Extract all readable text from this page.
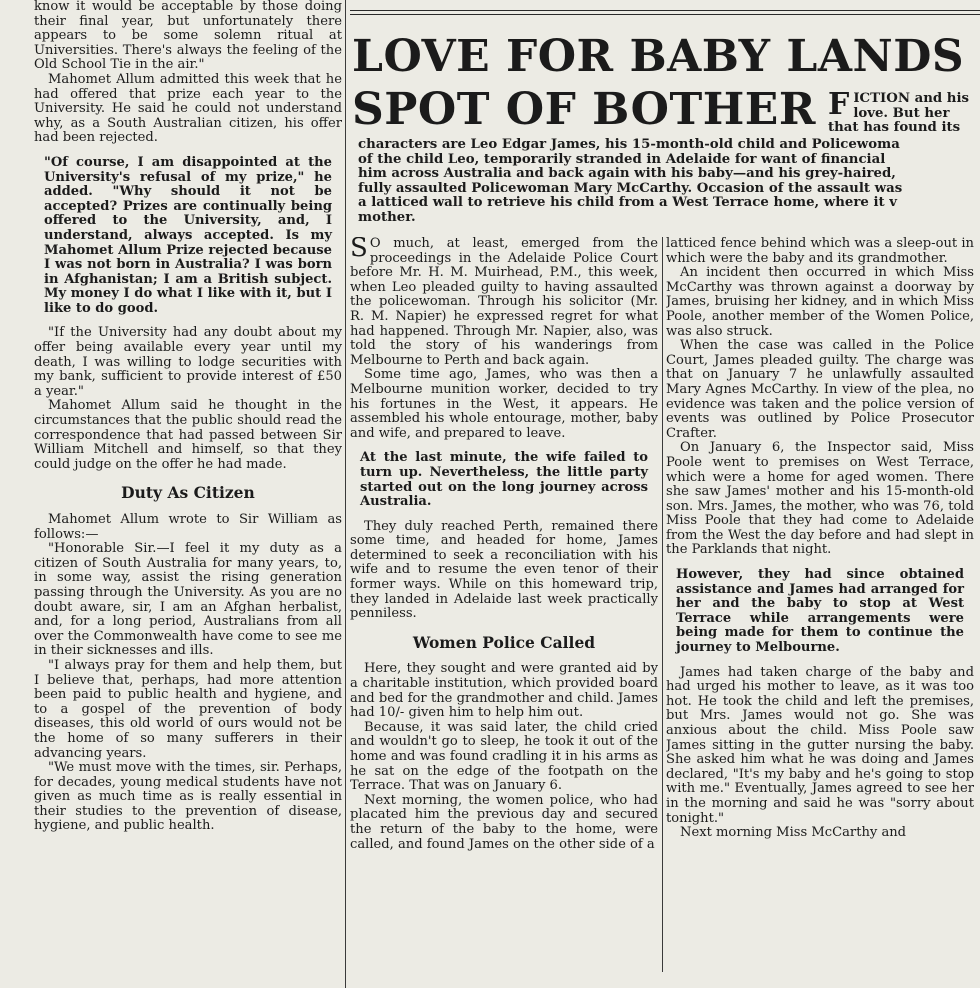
know it would be acceptable by those doing their final year, but unfortunately there appears to be some solemn ritual at Universities. There's always the feeling of the Old School Tie in the air."

Mahomet Allum admitted this week that he had offered that prize each year to the University. He said he could not understand why, as a South Australian citizen, his offer had been rejected.

"Of course, I am disappointed at the University's refusal of my prize," he added. "Why should it not be accepted? Prizes are continually being offered to the University, and, I understand, always accepted. Is my Mahomet Allum Prize rejected because I was not born in Australia? I was born in Afghanistan; I am a British subject. My money I do what I like with it, but I like to do good.

"If the University had any doubt about my offer being available every year until my death, I was willing to lodge securities with my bank, sufficient to provide interest of £50 a year."

Mahomet Allum said he thought in the circumstances that the public should read the correspondence that had passed between Sir William Mitchell and himself, so that they could judge on the offer he had made.

Duty As Citizen

Mahomet Allum wrote to Sir William as follows:—

"Honorable Sir.—I feel it my duty as a citizen of South Australia for many years, to, in some way, assist the rising generation passing through the University. As you are no doubt aware, sir, I am an Afghan herbalist, and, for a long period, Australians from all over the Commonwealth have come to see me in their sicknesses and ills.

"I always pray for them and help them, but I believe that, perhaps, had more attention been paid to public health and hygiene, and to a gospel of the prevention of body diseases, this old world of ours would not be the home of so many sufferers in their advancing years.

"We must move with the times, sir. Perhaps, for decades, young medical students have not given as much time as is really essential in their studies to the prevention of disease, hygiene, and public health.

LOVE FOR BABY LANDS
SPOT OF BOTHER F ICTION and his
love. But her
that has found its
characters are Leo Edgar James, his 15-month-old child and Policewoma
of the child Leo, temporarily stranded in Adelaide for want of financial
him across Australia and back again with his baby—and his grey-haired,
fully assaulted Policewoman Mary McCarthy. Occasion of the assault was
a latticed wall to retrieve his child from a West Terrace home, where it v
mother.

S O much, at least, emerged from the proceedings in the Adelaide Police Court before Mr. H. M. Muirhead, P.M., this week, when Leo pleaded guilty to having assaulted the policewoman. Through his solicitor (Mr. R. M. Napier) he expressed regret for what had happened. Through Mr. Napier, also, was told the story of his wanderings from Melbourne to Perth and back again.

Some time ago, James, who was then a Melbourne munition worker, decided to try his fortunes in the West, it appears. He assembled his whole entourage, mother, baby and wife, and prepared to leave.

At the last minute, the wife failed to turn up. Nevertheless, the little party started out on the long journey across Australia.

They duly reached Perth, remained there some time, and headed for home, James determined to seek a reconciliation with his wife and to resume the even tenor of their former ways. While on this homeward trip, they landed in Adelaide last week practically penniless.

Women Police Called

Here, they sought and were granted aid by a charitable institution, which provided board and bed for the grandmother and child. James had 10/- given him to help him out.

Because, it was said later, the child cried and wouldn't go to sleep, he took it out of the home and was found cradling it in his arms as he sat on the edge of the footpath on the Terrace. That was on January 6.

Next morning, the women police, who had placated him the previous day and secured the return of the baby to the home, were called, and found James on the other side of a

latticed fence behind which was a sleep-out in which were the baby and its grandmother.

An incident then occurred in which Miss McCarthy was thrown against a doorway by James, bruising her kidney, and in which Miss Poole, another member of the Women Police, was also struck.

When the case was called in the Police Court, James pleaded guilty. The charge was that on January 7 he unlawfully assaulted Mary Agnes McCarthy. In view of the plea, no evidence was taken and the police version of events was outlined by Police Prosecutor Crafter.

On January 6, the Inspector said, Miss Poole went to premises on West Terrace, which were a home for aged women. There she saw James' mother and his 15-month-old son. Mrs. James, the mother, who was 76, told Miss Poole that they had come to Adelaide from the West the day before and had slept in the Parklands that night.

However, they had since obtained assistance and James had arranged for her and the baby to stop at West Terrace while arrangements were being made for them to continue the journey to Melbourne.

James had taken charge of the baby and had urged his mother to leave, as it was too hot. He took the child and left the premises, but Mrs. James would not go. She was anxious about the child. Miss Poole saw James sitting in the gutter nursing the baby. She asked him what he was doing and James declared, "It's my baby and he's going to stop with me." Eventually, James agreed to see her in the morning and said he was "sorry about tonight."

Next morning Miss McCarthy and
